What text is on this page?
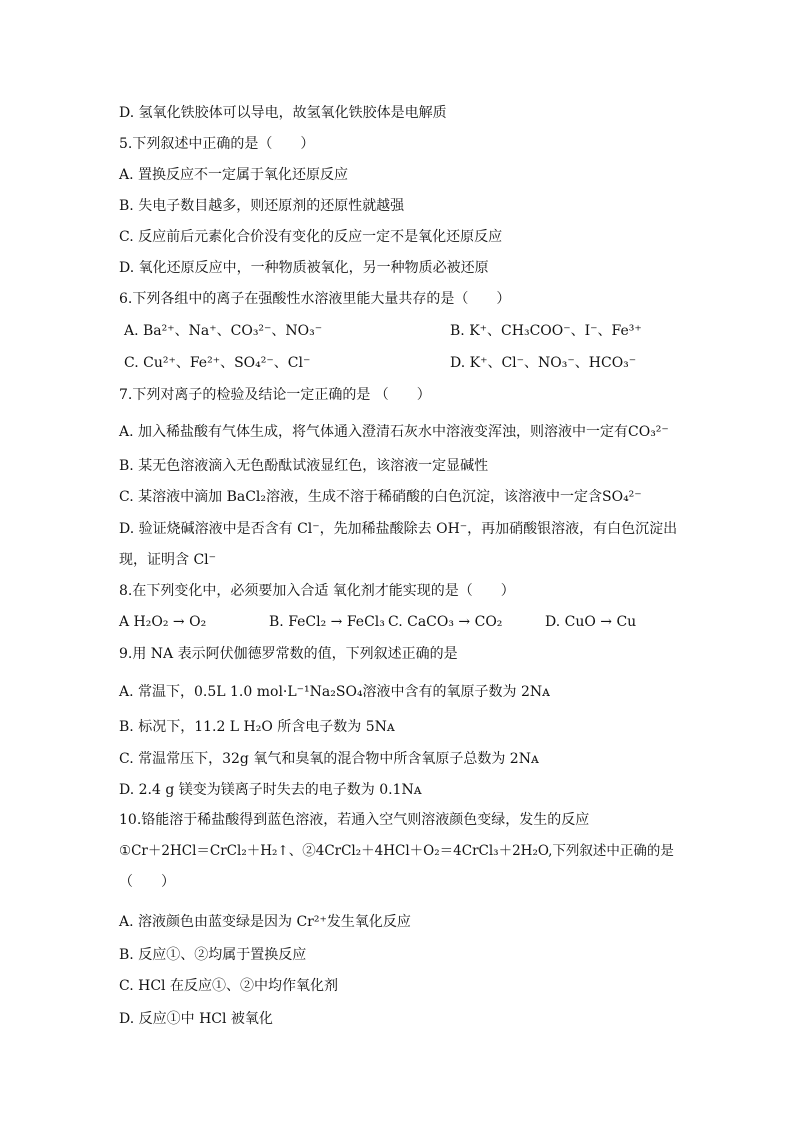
D. 氢氧化铁胶体可以导电，故氢氧化铁胶体是电解质
5.下列叙述中正确的是（　　）
A. 置换反应不一定属于氧化还原反应
B. 失电子数目越多，则还原剂的还原性就越强
C. 反应前后元素化合价没有变化的反应一定不是氧化还原反应
D. 氧化还原反应中，一种物质被氧化，另一种物质必被还原
6.下列各组中的离子在强酸性水溶液里能大量共存的是（　　）
A. Ba²⁺、Na⁺、CO₃²⁻、NO₃⁻	B. K⁺、CH₃COO⁻、I⁻、Fe³⁺
C. Cu²⁺、Fe²⁺、SO₄²⁻、Cl⁻	D. K⁺、Cl⁻、NO₃⁻、HCO₃⁻
7.下列对离子的检验及结论一定正确的是 （　　）
A. 加入稀盐酸有气体生成，将气体通入澄清石灰水中溶液变浑浊，则溶液中一定有CO₃²⁻
B. 某无色溶液滴入无色酚酞试液显红色，该溶液一定显碱性
C. 某溶液中滴加 BaCl₂溶液，生成不溶于稀硝酸的白色沉淀，该溶液中一定含SO₄²⁻
D. 验证烧碱溶液中是否含有 Cl⁻，先加稀盐酸除去 OH⁻，再加硝酸银溶液，有白色沉淀出
现，证明含 Cl⁻
8.在下列变化中，必须要加入合适 氧化剂才能实现的是（　　）
A H₂O₂ → O₂	B. FeCl₂ → FeCl₃ C. CaCO₃ → CO₂	D. CuO → Cu
9.用 NA 表示阿伏伽德罗常数的值，下列叙述正确的是
A. 常温下，0.5L 1.0 mol·L⁻¹Na₂SO₄溶液中含有的氧原子数为 2Nᴀ
B. 标况下，11.2 L H₂O 所含电子数为 5Nᴀ
C. 常温常压下，32g 氧气和臭氧的混合物中所含氧原子总数为 2Nᴀ
D. 2.4 g 镁变为镁离子时失去的电子数为 0.1Nᴀ
10.铬能溶于稀盐酸得到蓝色溶液，若通入空气则溶液颜色变绿，发生的反应
①Cr＋2HCl＝CrCl₂＋H₂↑、②4CrCl₂＋4HCl＋O₂＝4CrCl₃＋2H₂O,下列叙述中正确的是
（　　）
A. 溶液颜色由蓝变绿是因为 Cr²⁺发生氧化反应
B. 反应①、②均属于置换反应
C. HCl 在反应①、②中均作氧化剂
D. 反应①中 HCl 被氧化
